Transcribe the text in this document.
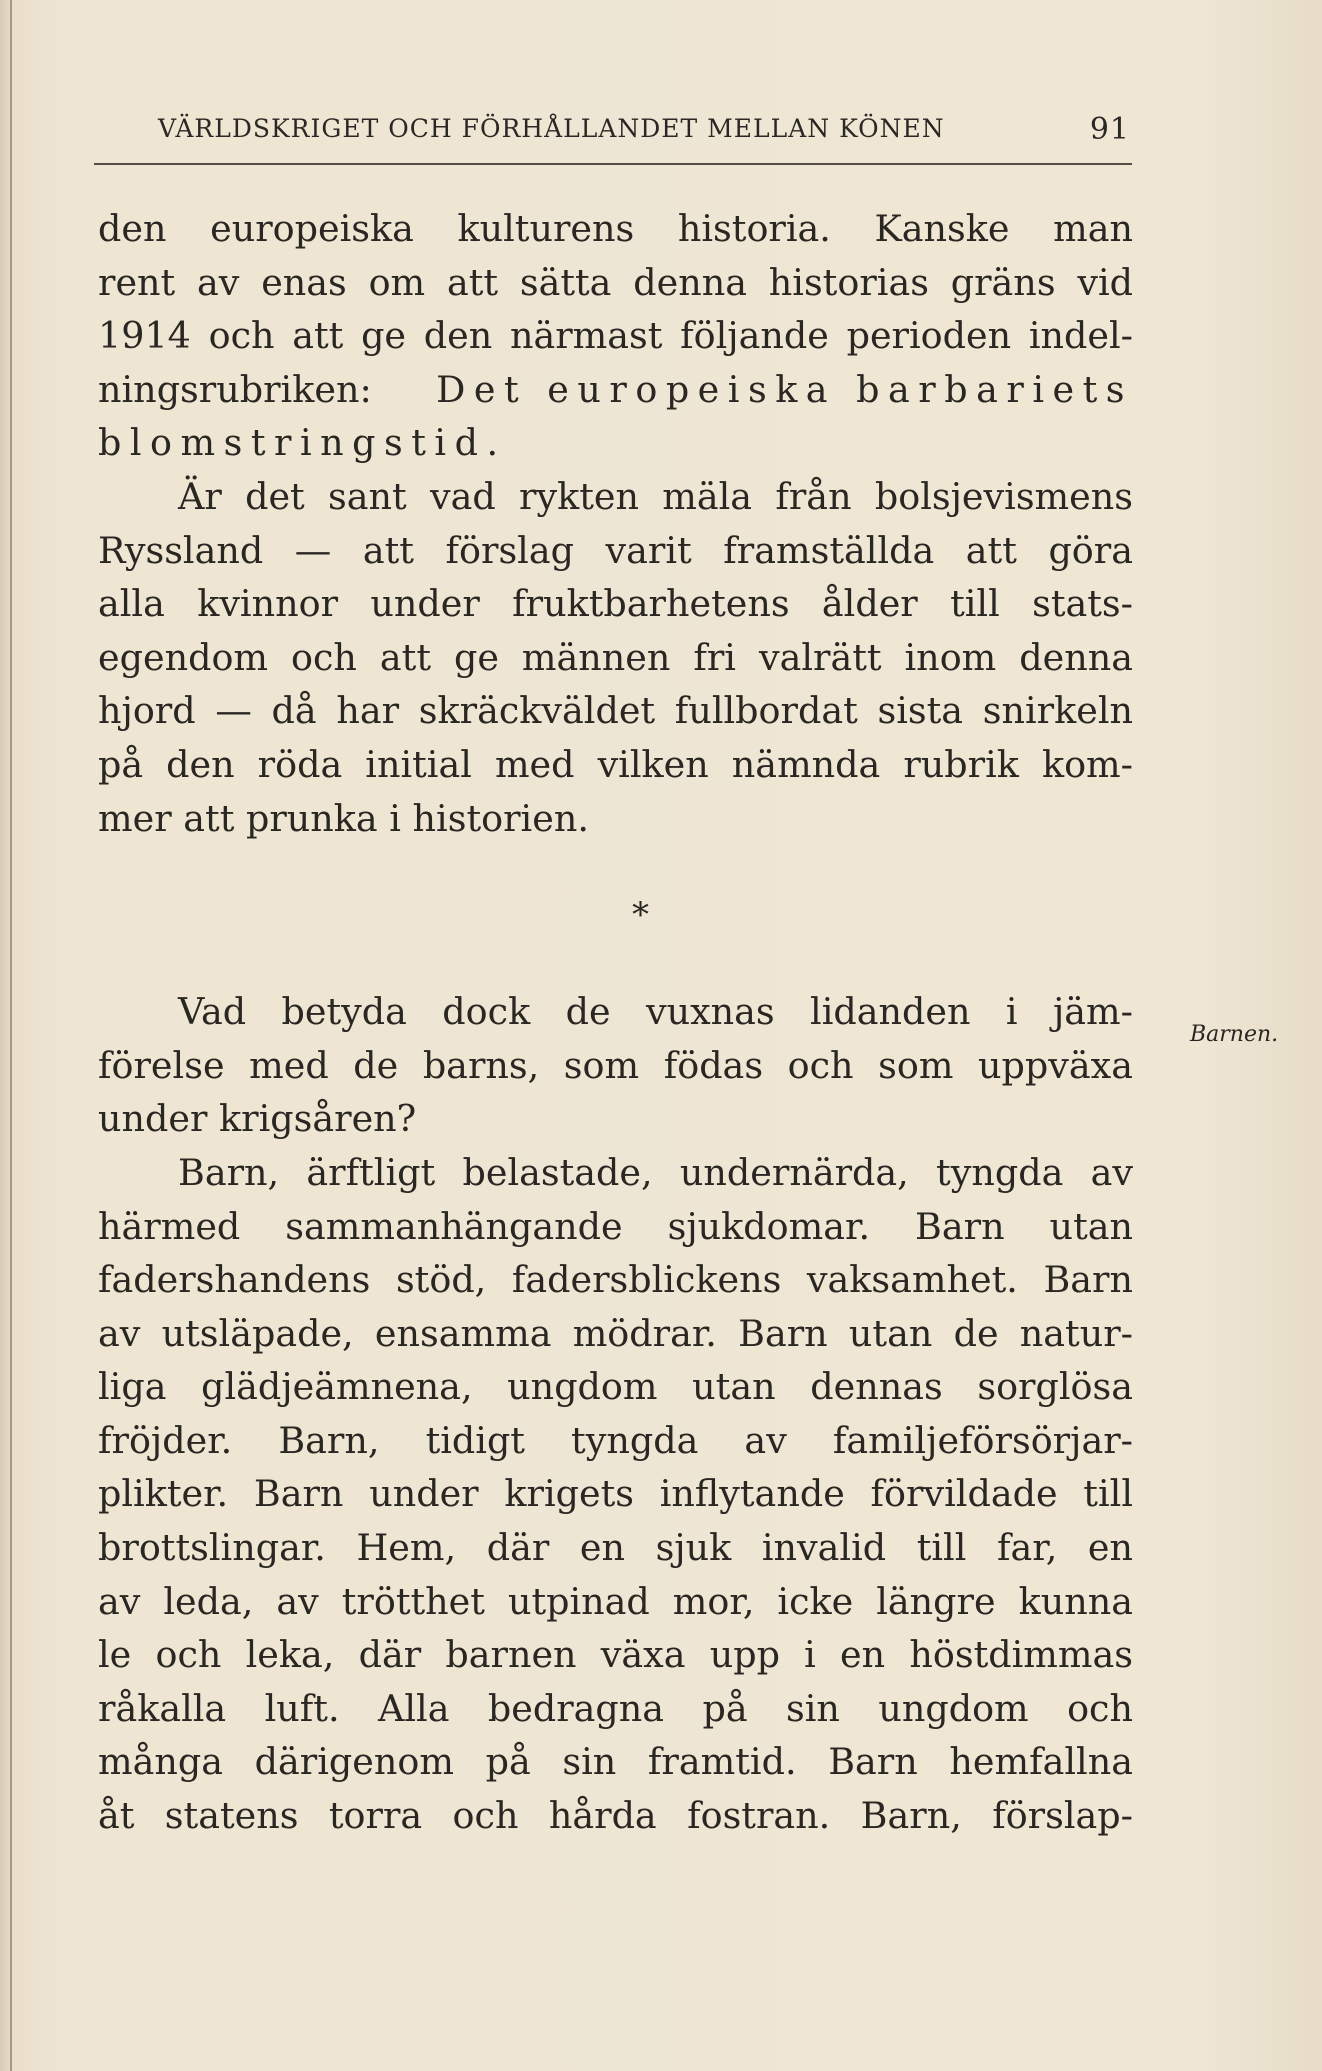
VÄRLDSKRIGET OCH FÖRHÅLLANDET MELLAN KÖNEN	91
Barnen.
den europeiska kulturens historia. Kanske man
rent av enas om att sätta denna historias gräns vid
1914 och att ge den närmast följande perioden indel-
ningsrubriken:	Det europeiska barbariets
blomstringstid.
Är det sant vad rykten mäla från bolsjevismens
Ryssland — att förslag varit framställda att göra
alla kvinnor under fruktbarhetens ålder till stats-
egendom och att ge männen fri valrätt inom denna
hjord — då har skräckväldet fullbordat sista snirkeln
på den röda initial med vilken nämnda rubrik kom-
mer att prunka i historien.
*
Vad betyda dock de vuxnas lidanden i jäm-
förelse med de barns, som födas och som uppväxa
under krigsåren?
Barn, ärftligt belastade, undernärda, tyngda av
härmed sammanhängande sjukdomar. Barn utan
fadershandens stöd, fadersblickens vaksamhet. Barn
av utsläpade, ensamma mödrar. Barn utan de natur-
liga glädjeämnena, ungdom utan dennas sorglösa
fröjder. Barn, tidigt tyngda av familjeförsörjar-
plikter. Barn under krigets inflytande förvildade till
brottslingar. Hem, där en sjuk invalid till far, en
av leda, av trötthet utpinad mor, icke längre kunna
le och leka, där barnen växa upp i en höstdimmas
råkalla luft. Alla bedragna på sin ungdom och
många därigenom på sin framtid. Barn hemfallna
åt statens torra och hårda fostran. Barn, förslap-
